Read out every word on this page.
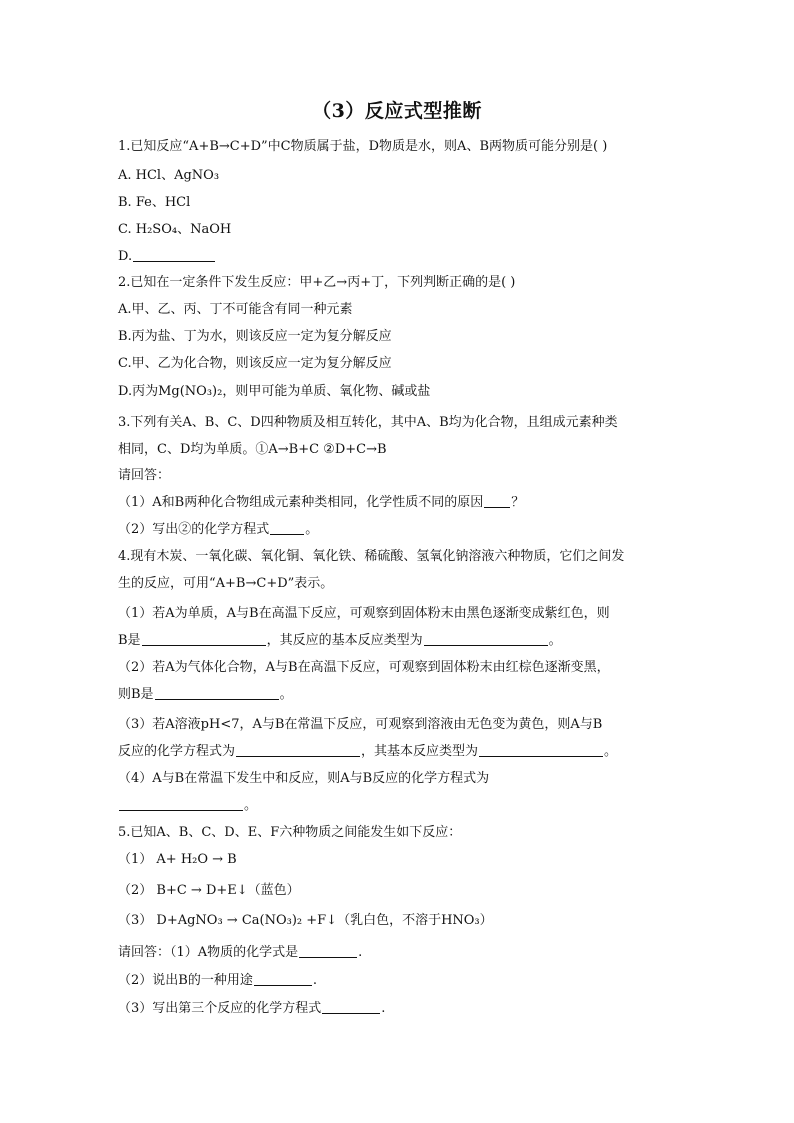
（3）反应式型推断
1.已知反应“A+B→C+D”中C物质属于盐，D物质是水，则A、B两物质可能分别是( )
A. HCl、AgNO₃
B. Fe、HCl
C. H₂SO₄、NaOH
D.
2.已知在一定条件下发生反应：甲+乙→丙+丁，下列判断正确的是( )
A.甲、乙、丙、丁不可能含有同一种元素
B.丙为盐、丁为水，则该反应一定为复分解反应
C.甲、乙为化合物，则该反应一定为复分解反应
D.丙为Mg(NO₃)₂，则甲可能为单质、氧化物、碱或盐
3.下列有关A、B、C、D四种物质及相互转化，其中A、B均为化合物，且组成元素种类
相同，C、D均为单质。①A→B+C ②D+C→B
请回答：
（1）A和B两种化合物组成元素种类相同，化学性质不同的原因 ？
（2）写出②的化学方程式	。
4.现有木炭、一氧化碳、氧化铜、氧化铁、稀硫酸、氢氧化钠溶液六种物质，它们之间发
生的反应，可用“A+B→C+D”表示。
（1）若A为单质，A与B在高温下反应，可观察到固体粉末由黑色逐渐变成紫红色，则
B是	，其反应的基本反应类型为	。
（2）若A为气体化合物，A与B在高温下反应，可观察到固体粉末由红棕色逐渐变黑，
则B是	。
（3）若A溶液pH<7，A与B在常温下反应，可观察到溶液由无色变为黄色，则A与B
反应的化学方程式为	，其基本反应类型为	。
（4）A与B在常温下发生中和反应，则A与B反应的化学方程式为
。
5.已知A、B、C、D、E、F六种物质之间能发生如下反应：
（1） A+ H₂O → B
（2） B+C → D+E↓（蓝色）
（3） D+AgNO₃ → Ca(NO₃)₂ +F↓（乳白色，不溶于HNO₃）
请回答：（1）A物质的化学式是	.
（2）说出B的一种用途	.
（3）写出第三个反应的化学方程式	.
